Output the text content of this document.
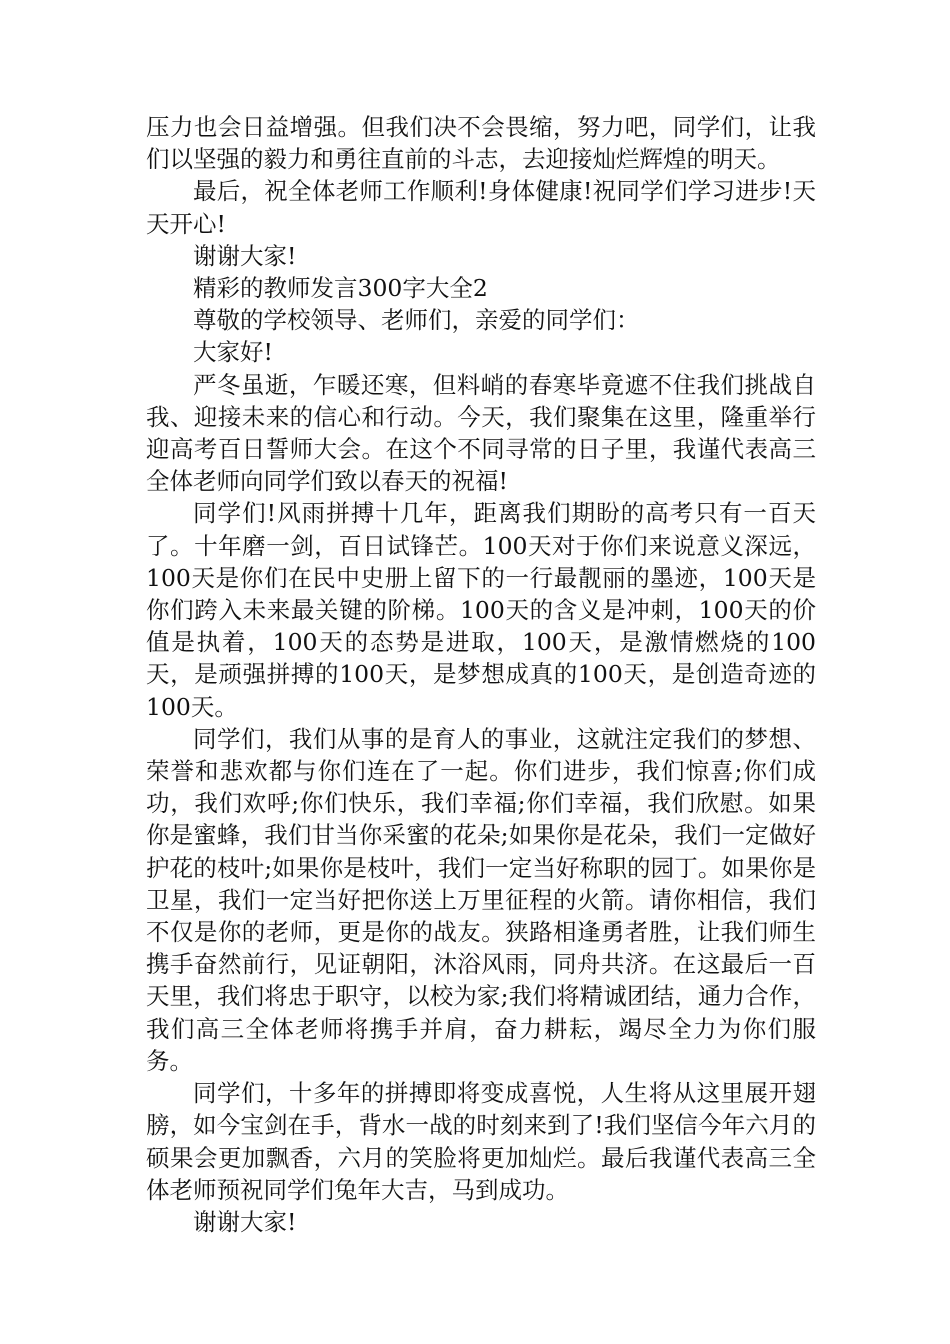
压力也会日益增强。但我们决不会畏缩，努力吧，同学们，让我们以坚强的毅力和勇往直前的斗志，去迎接灿烂辉煌的明天。

最后，祝全体老师工作顺利!身体健康!祝同学们学习进步!天天开心!

谢谢大家!

精彩的教师发言300字大全2

尊敬的学校领导、老师们，亲爱的同学们：

大家好!

严冬虽逝，乍暖还寒，但料峭的春寒毕竟遮不住我们挑战自我、迎接未来的信心和行动。今天，我们聚集在这里，隆重举行迎高考百日誓师大会。在这个不同寻常的日子里，我谨代表高三全体老师向同学们致以春天的祝福!

同学们!风雨拼搏十几年，距离我们期盼的高考只有一百天了。十年磨一剑，百日试锋芒。100天对于你们来说意义深远，100天是你们在民中史册上留下的一行最靓丽的墨迹，100天是你们跨入未来最关键的阶梯。100天的含义是冲刺，100天的价值是执着，100天的态势是进取，100天，是激情燃烧的100天，是顽强拼搏的100天，是梦想成真的100天，是创造奇迹的100天。

同学们，我们从事的是育人的事业，这就注定我们的梦想、荣誉和悲欢都与你们连在了一起。你们进步，我们惊喜;你们成功，我们欢呼;你们快乐，我们幸福;你们幸福，我们欣慰。如果你是蜜蜂，我们甘当你采蜜的花朵;如果你是花朵，我们一定做好护花的枝叶;如果你是枝叶，我们一定当好称职的园丁。如果你是卫星，我们一定当好把你送上万里征程的火箭。请你相信，我们不仅是你的老师，更是你的战友。狭路相逢勇者胜，让我们师生携手奋然前行，见证朝阳，沐浴风雨，同舟共济。在这最后一百天里，我们将忠于职守，以校为家;我们将精诚团结，通力合作，我们高三全体老师将携手并肩，奋力耕耘，竭尽全力为你们服务。

同学们，十多年的拼搏即将变成喜悦，人生将从这里展开翅膀，如今宝剑在手，背水一战的时刻来到了!我们坚信今年六月的硕果会更加飘香，六月的笑脸将更加灿烂。最后我谨代表高三全体老师预祝同学们兔年大吉，马到成功。

谢谢大家!
